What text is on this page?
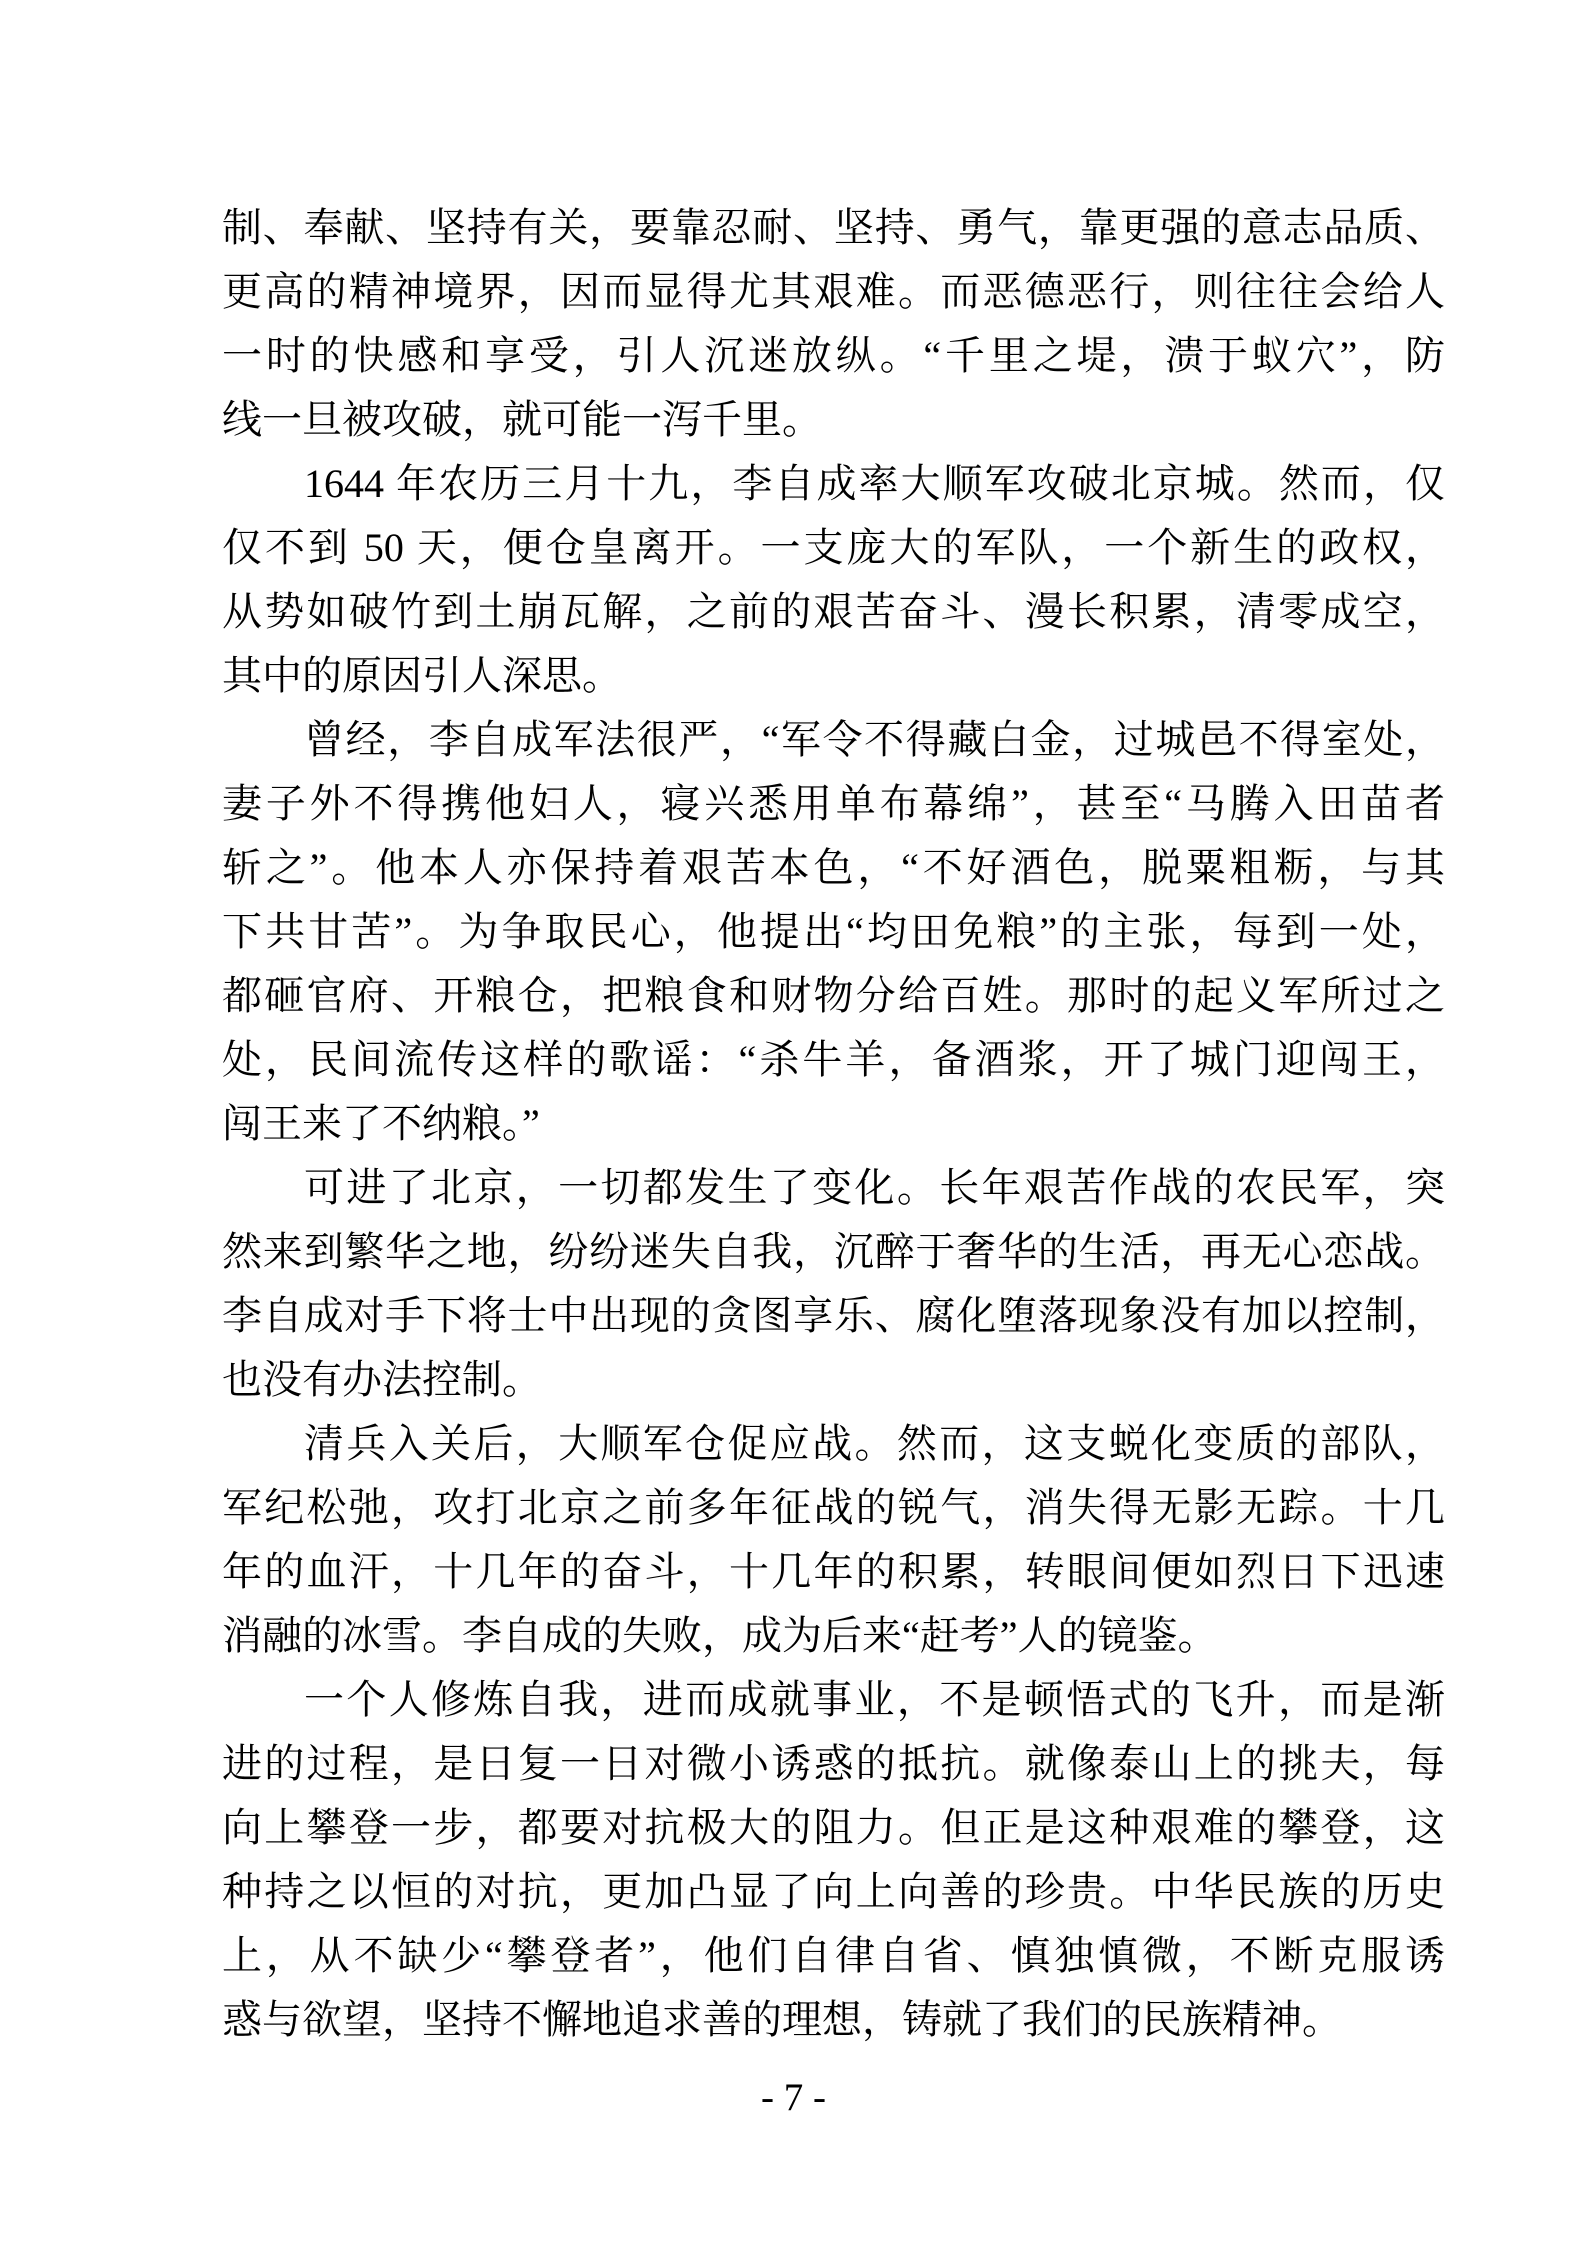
制、奉献、坚持有关，要靠忍耐、坚持、勇气，靠更强的意志品质、

更高的精神境界，因而显得尤其艰难。而恶德恶行，则往往会给人

一时的快感和享受，引人沉迷放纵。“千里之堤，溃于蚁穴”，防

线一旦被攻破，就可能一泻千里。

1644 年农历三月十九，李自成率大顺军攻破北京城。然而，仅

仅不到 50 天，便仓皇离开。一支庞大的军队，一个新生的政权，

从势如破竹到土崩瓦解，之前的艰苦奋斗、漫长积累，清零成空，

其中的原因引人深思。

曾经，李自成军法很严，“军令不得藏白金，过城邑不得室处，

妻子外不得携他妇人，寝兴悉用单布幕绵”，甚至“马腾入田苗者

斩之”。他本人亦保持着艰苦本色，“不好酒色，脱粟粗粝，与其

下共甘苦”。为争取民心，他提出“均田免粮”的主张，每到一处，

都砸官府、开粮仓，把粮食和财物分给百姓。那时的起义军所过之

处，民间流传这样的歌谣：“杀牛羊，备酒浆，开了城门迎闯王，

闯王来了不纳粮。”

可进了北京，一切都发生了变化。长年艰苦作战的农民军，突

然来到繁华之地，纷纷迷失自我，沉醉于奢华的生活，再无心恋战。

李自成对手下将士中出现的贪图享乐、腐化堕落现象没有加以控制，

也没有办法控制。

清兵入关后，大顺军仓促应战。然而，这支蜕化变质的部队，

军纪松弛，攻打北京之前多年征战的锐气，消失得无影无踪。十几

年的血汗，十几年的奋斗，十几年的积累，转眼间便如烈日下迅速

消融的冰雪。李自成的失败，成为后来“赶考”人的镜鉴。

一个人修炼自我，进而成就事业，不是顿悟式的飞升，而是渐

进的过程，是日复一日对微小诱惑的抵抗。就像泰山上的挑夫，每

向上攀登一步，都要对抗极大的阻力。但正是这种艰难的攀登，这

种持之以恒的对抗，更加凸显了向上向善的珍贵。中华民族的历史

上，从不缺少“攀登者”，他们自律自省、慎独慎微，不断克服诱

惑与欲望，坚持不懈地追求善的理想，铸就了我们的民族精神。

- 7 -
